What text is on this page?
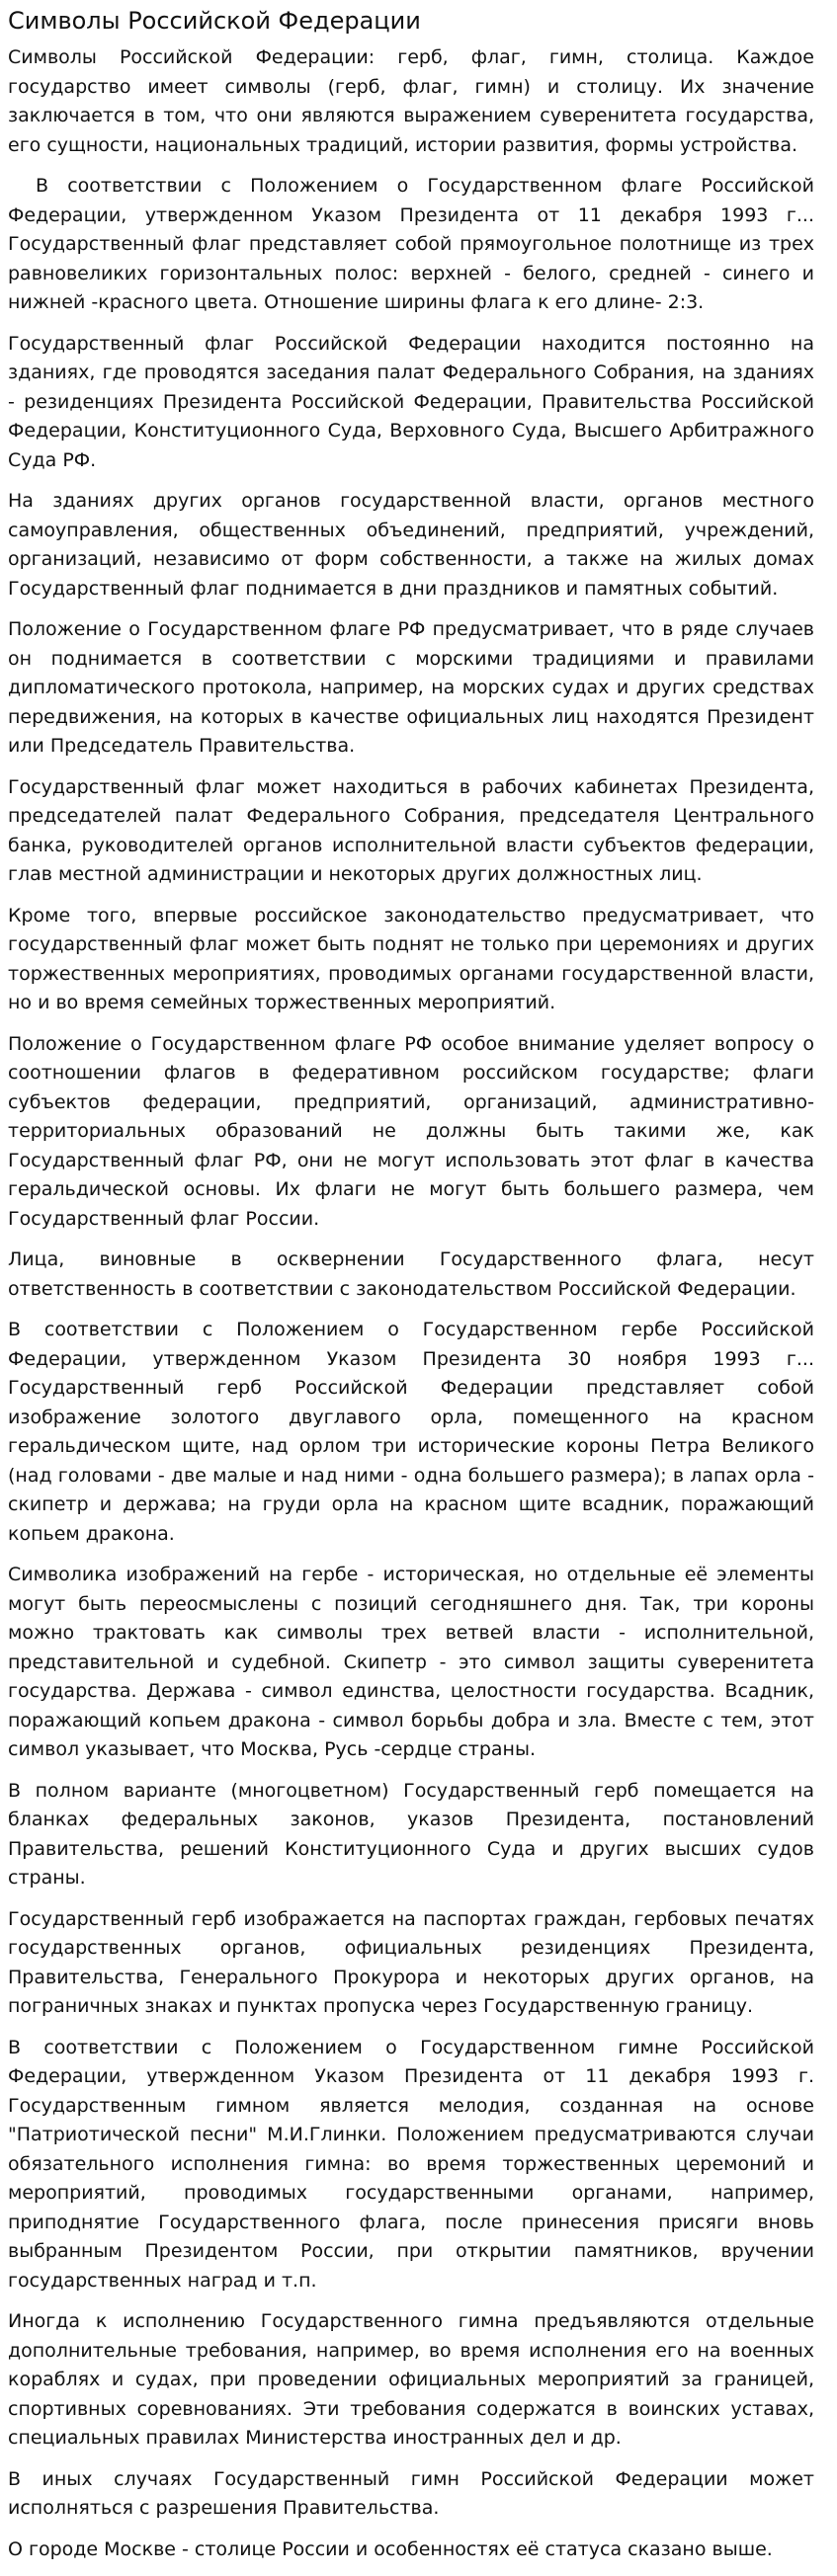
Символы Российской Федерации

Символы Российской Федерации: герб, флаг, гимн, столица. Каждое государство имеет символы (герб, флаг, гимн) и столицу. Их значение заключается в том, что они являются выражением суверенитета государства, его сущности, национальных традиций, истории развития, формы устройства.

В соответствии с Положением о Государственном флаге Российской Федерации, утвержденном Указом Президента от 11 декабря 1993 г... Государственный флаг представляет собой прямоугольное полотнище из трех равновеликих горизонтальных полос: верхней - белого, средней - синего и нижней -красного цвета. Отношение ширины флага к его длине- 2:3.

Государственный флаг Российской Федерации находится постоянно на зданиях, где проводятся заседания палат Федерального Собрания, на зданиях - резиденциях Президента Российской Федерации, Правительства Российской Федерации, Конституционного Суда, Верховного Суда, Высшего Арбитражного Суда РФ.

На зданиях других органов государственной власти, органов местного самоуправления, общественных объединений, предприятий, учреждений, организаций, независимо от форм собственности, а также на жилых домах Государственный флаг поднимается в дни праздников и памятных событий.

Положение о Государственном флаге РФ предусматривает, что в ряде случаев он поднимается в соответствии с морскими традициями и правилами дипломатического протокола, например, на морских судах и других средствах передвижения, на которых в качестве официальных лиц находятся Президент или Председатель Правительства.

Государственный флаг может находиться в рабочих кабинетах Президента, председателей палат Федерального Собрания, председателя Центрального банка, руководителей органов исполнительной власти субъектов федерации, глав местной администрации и некоторых других должностных лиц.

Кроме того, впервые российское законодательство предусматривает, что государственный флаг может быть поднят не только при церемониях и других торжественных мероприятиях, проводимых органами государственной власти, но и во время семейных торжественных мероприятий.

Положение о Государственном флаге РФ особое внимание уделяет вопросу о соотношении флагов в федеративном российском государстве; флаги субъектов федерации, предприятий, организаций, административно-территориальных образований не должны быть такими же, как Государственный флаг РФ, они не могут использовать этот флаг в качества геральдической основы. Их флаги не могут быть большего размера, чем Государственный флаг России.

Лица, виновные в осквернении Государственного флага, несут ответственность в соответствии с законодательством Российской Федерации.

В соответствии с Положением о Государственном гербе Российской Федерации, утвержденном Указом Президента 30 ноября 1993 г... Государственный герб Российской Федерации представляет собой изображение золотого двуглавого орла, помещенного на красном геральдическом щите, над орлом три исторические короны Петра Великого (над головами - две малые и над ними - одна большего размера); в лапах орла - скипетр и держава; на груди орла на красном щите всадник, поражающий копьем дракона.

Символика изображений на гербе - историческая, но отдельные её элементы могут быть переосмыслены с позиций сегодняшнего дня. Так, три короны можно трактовать как символы трех ветвей власти - исполнительной, представительной и судебной. Скипетр - это символ защиты суверенитета государства. Держава - символ единства, целостности государства. Всадник, поражающий копьем дракона - символ борьбы добра и зла. Вместе с тем, этот символ указывает, что Москва, Русь -сердце страны.

В полном варианте (многоцветном) Государственный герб помещается на бланках федеральных законов, указов Президента, постановлений Правительства, решений Конституционного Суда и других высших судов страны.

Государственный герб изображается на паспортах граждан, гербовых печатях государственных органов, официальных резиденциях Президента, Правительства, Генерального Прокурора и некоторых других органов, на пограничных знаках и пунктах пропуска через Государственную границу.

В соответствии с Положением о Государственном гимне Российской Федерации, утвержденном Указом Президента от 11 декабря 1993 г. Государственным гимном является мелодия, созданная на основе "Патриотической песни" М.И.Глинки. Положением предусматриваются случаи обязательного исполнения гимна: во время торжественных церемоний и мероприятий, проводимых государственными органами, например, приподнятие Государственного флага, после принесения присяги вновь выбранным Президентом России, при открытии памятников, вручении государственных наград и т.п.

Иногда к исполнению Государственного гимна предъявляются отдельные дополнительные требования, например, во время исполнения его на военных кораблях и судах, при проведении официальных мероприятий за границей, спортивных соревнованиях. Эти требования содержатся в воинских уставах, специальных правилах Министерства иностранных дел и др.

В иных случаях Государственный гимн Российской Федерации может исполняться с разрешения Правительства.

О городе Москве - столице России и особенностях её статуса сказано выше.
